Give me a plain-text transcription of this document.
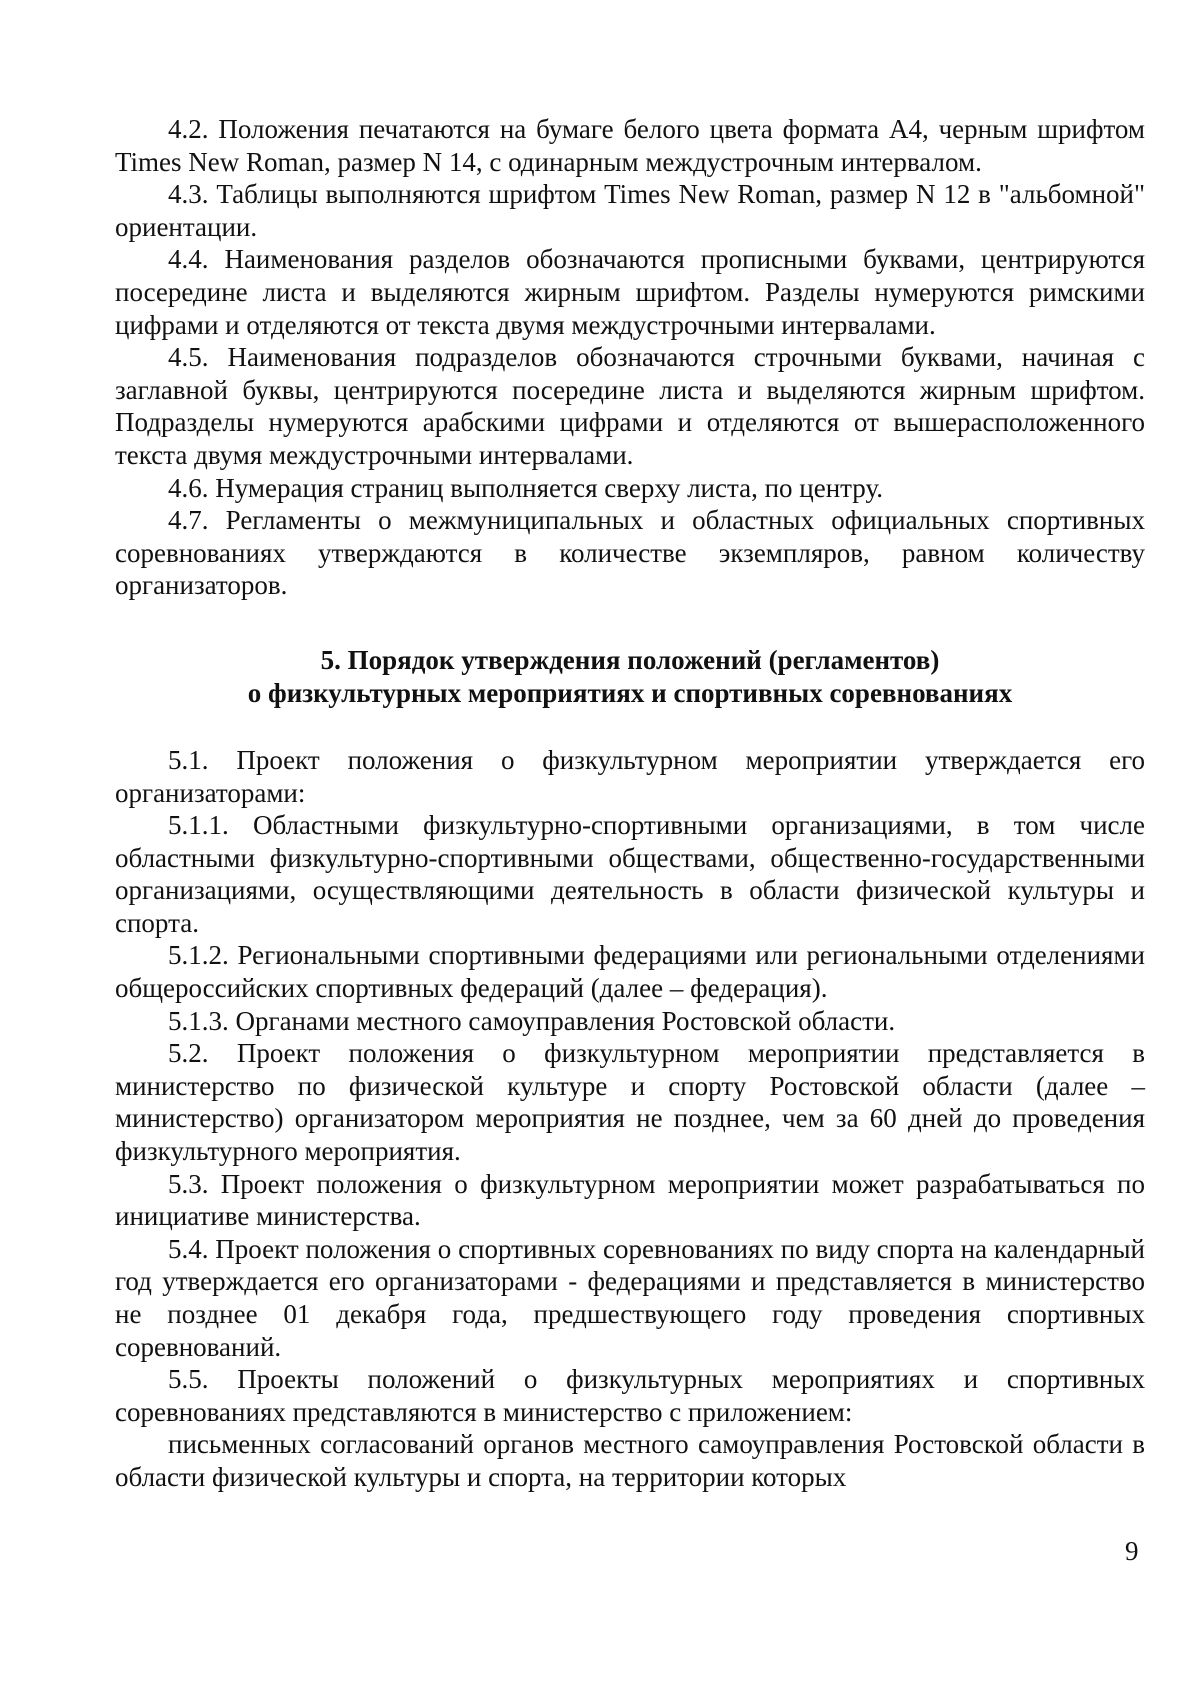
4.2. Положения печатаются на бумаге белого цвета формата А4, черным шрифтом Times New Roman, размер N 14, с одинарным междустрочным интервалом.

4.3. Таблицы выполняются шрифтом Times New Roman, размер N 12 в "альбомной" ориентации.

4.4. Наименования разделов обозначаются прописными буквами, центрируются посередине листа и выделяются жирным шрифтом. Разделы нумеруются римскими цифрами и отделяются от текста двумя междустрочными интервалами.

4.5. Наименования подразделов обозначаются строчными буквами, начиная с заглавной буквы, центрируются посередине листа и выделяются жирным шрифтом. Подразделы нумеруются арабскими цифрами и отделяются от вышерасположенного текста двумя междустрочными интервалами.

4.6. Нумерация страниц выполняется сверху листа, по центру.

4.7. Регламенты о межмуниципальных и областных официальных спортивных соревнованиях утверждаются в количестве экземпляров, равном количеству организаторов.

5. Порядок утверждения положений (регламентов)

о физкультурных мероприятиях и спортивных соревнованиях

5.1. Проект положения о физкультурном мероприятии утверждается его организаторами:

5.1.1. Областными физкультурно-спортивными организациями, в том числе областными физкультурно-спортивными обществами, общественно-государственными организациями, осуществляющими деятельность в области физической культуры и спорта.

5.1.2. Региональными спортивными федерациями или региональными отделениями общероссийских спортивных федераций (далее – федерация).

5.1.3. Органами местного самоуправления Ростовской области.

5.2. Проект положения о физкультурном мероприятии представляется в министерство по физической культуре и спорту Ростовской области (далее – министерство) организатором мероприятия не позднее, чем за 60 дней до проведения физкультурного мероприятия.

5.3. Проект положения о физкультурном мероприятии может разрабатываться по инициативе министерства.

5.4. Проект положения о спортивных соревнованиях по виду спорта на календарный год утверждается его организаторами - федерациями и представляется в министерство не позднее 01 декабря года, предшествующего году проведения спортивных соревнований.

5.5. Проекты положений о физкультурных мероприятиях и спортивных соревнованиях представляются в министерство с приложением:

письменных согласований органов местного самоуправления Ростовской области в области физической культуры и спорта, на территории которых

9
